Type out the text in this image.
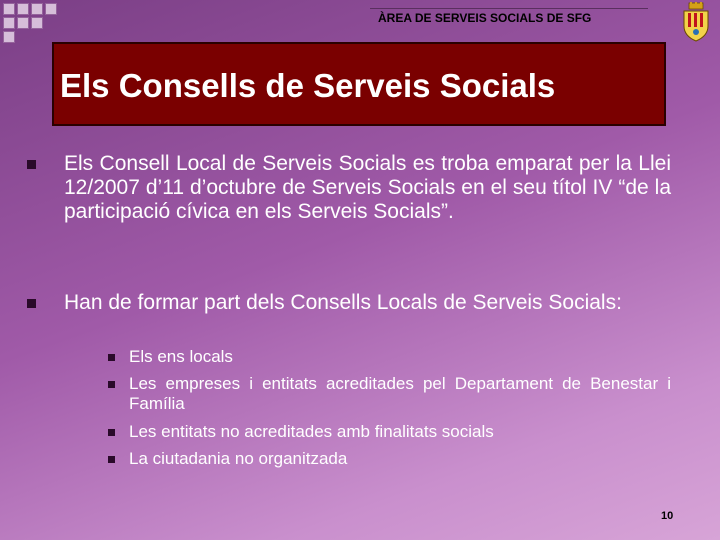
ÀREA DE SERVEIS SOCIALS DE SFG
Els Consells de Serveis Socials
Els Consell Local de Serveis Socials es troba emparat per la Llei 12/2007 d’11 d’octubre de Serveis Socials en el seu títol IV “de la participació cívica en els Serveis Socials”.
Han de formar part dels Consells Locals de Serveis Socials:
Els ens locals
Les empreses i entitats acreditades pel Departament de Benestar i Família
Les entitats no acreditades amb finalitats socials
La ciutadania no organitzada
10
